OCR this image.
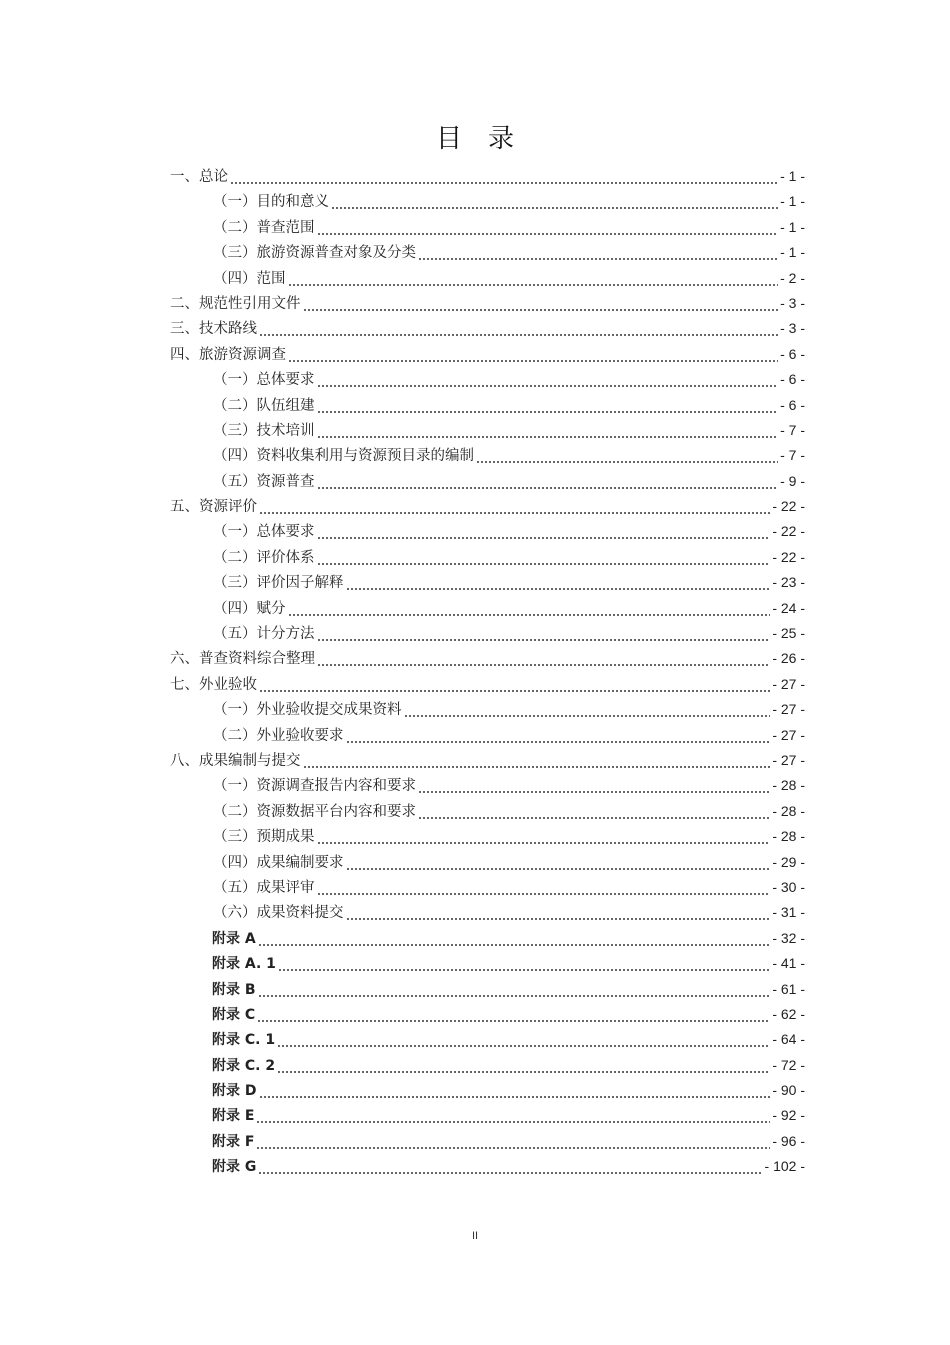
目录
一、总论	- 1 -
（一）目的和意义	- 1 -
（二）普查范围	- 1 -
（三）旅游资源普查对象及分类	- 1 -
（四）范围	- 2 -
二、规范性引用文件	- 3 -
三、技术路线	- 3 -
四、旅游资源调查	- 6 -
（一）总体要求	- 6 -
（二）队伍组建	- 6 -
（三）技术培训	- 7 -
（四）资料收集利用与资源预目录的编制	- 7 -
（五）资源普查	- 9 -
五、资源评价	- 22 -
（一）总体要求	- 22 -
（二）评价体系	- 22 -
（三）评价因子解释	- 23 -
（四）赋分	- 24 -
（五）计分方法	- 25 -
六、普查资料综合整理	- 26 -
七、外业验收	- 27 -
（一）外业验收提交成果资料	- 27 -
（二）外业验收要求	- 27 -
八、成果编制与提交	- 27 -
（一）资源调查报告内容和要求	- 28 -
（二）资源数据平台内容和要求	- 28 -
（三）预期成果	- 28 -
（四）成果编制要求	- 29 -
（五）成果评审	- 30 -
（六）成果资料提交	- 31 -
附录 A	- 32 -
附录 A. 1	- 41 -
附录 B	- 61 -
附录 C	- 62 -
附录 C. 1	- 64 -
附录 C. 2	- 72 -
附录 D	- 90 -
附录 E	- 92 -
附录 F	- 96 -
附录 G	- 102 -
II
